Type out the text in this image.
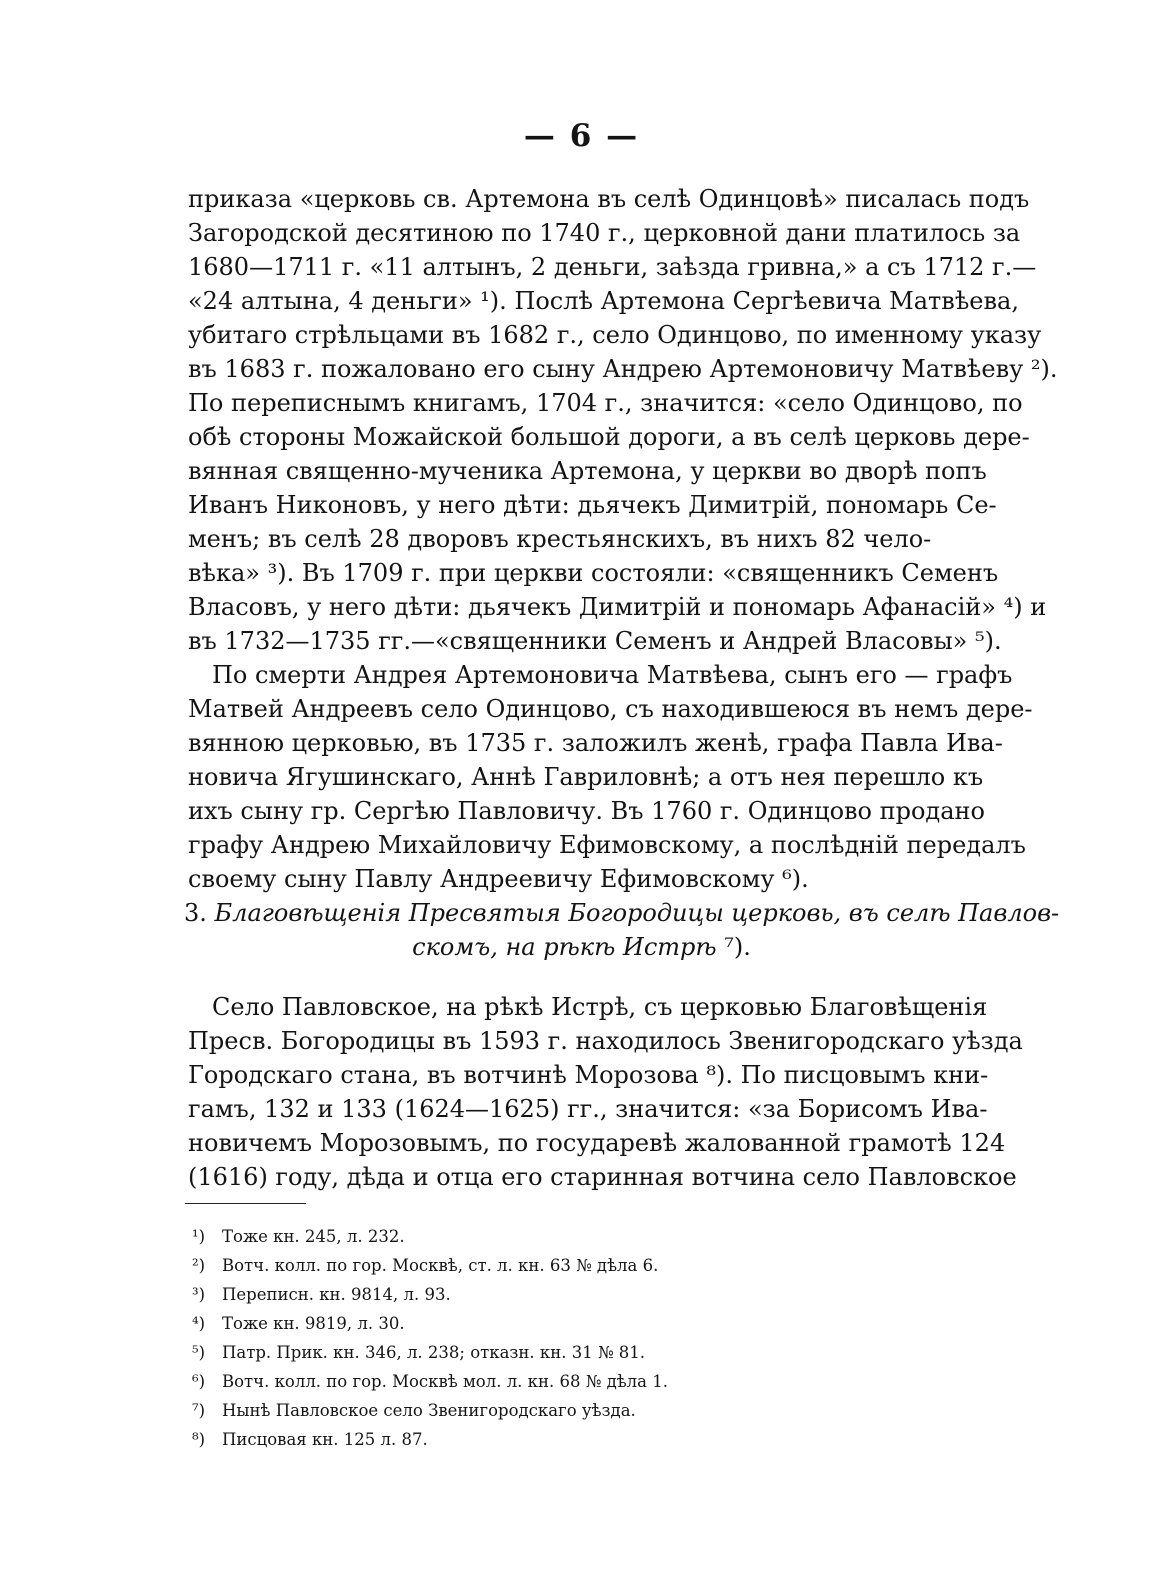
— 6 —
приказа «церковь св. Артемона въ селѣ Одинцовѣ» писалась подъ
Загородской десятиною по 1740 г., церковной дани платилось за
1680—1711 г. «11 алтынъ, 2 деньги, заѣзда гривна,» а съ 1712 г.—
«24 алтына, 4 деньги» ¹). Послѣ Артемона Сергѣевича Матвѣева,
убитаго стрѣльцами въ 1682 г., село Одинцово, по именному указу
въ 1683 г. пожаловано его сыну Андрею Артемоновичу Матвѣеву ²).
По переписнымъ книгамъ, 1704 г., значится: «село Одинцово, по
обѣ стороны Можайской большой дороги, а въ селѣ церковь дере-
вянная священно-мученика Артемона, у церкви во дворѣ попъ
Иванъ Никоновъ, у него дѣти: дьячекъ Димитрій, пономарь Се-
менъ; въ селѣ 28 дворовъ крестьянскихъ, въ нихъ 82 чело-
вѣка» ³). Въ 1709 г. при церкви состояли: «священникъ Семенъ
Власовъ, у него дѣти: дьячекъ Димитрій и пономарь Афанасій» ⁴) и
въ 1732—1735 гг.—«священники Семенъ и Андрей Власовы» ⁵).
По смерти Андрея Артемоновича Матвѣева, сынъ его — графъ
Матвей Андреевъ село Одинцово, съ находившеюся въ немъ дере-
вянною церковью, въ 1735 г. заложилъ женѣ, графа Павла Ива-
новича Ягушинскаго, Аннѣ Гавриловнѣ; а отъ нея перешло къ
ихъ сыну гр. Сергѣю Павловичу. Въ 1760 г. Одинцово продано
графу Андрею Михайловичу Ефимовскому, а послѣдній передалъ
своему сыну Павлу Андреевичу Ефимовскому ⁶).
3. Благовѣщенія Пресвятыя Богородицы церковь, въ селѣ Павлов-
скомъ, на рѣкѣ Истрѣ ⁷).
Село Павловское, на рѣкѣ Истрѣ, съ церковью Благовѣщенія
Пресв. Богородицы въ 1593 г. находилось Звенигородскаго уѣзда
Городскаго стана, въ вотчинѣ Морозова ⁸). По писцовымъ кни-
гамъ, 132 и 133 (1624—1625) гг., значится: «за Борисомъ Ива-
новичемъ Морозовымъ, по государевѣ жалованной грамотѣ 124
(1616) году, дѣда и отца его старинная вотчина село Павловское
¹) Тоже кн. 245, л. 232.
²) Вотч. колл. по гор. Москвѣ, ст. л. кн. 63 № дѣла 6.
³) Переписн. кн. 9814, л. 93.
⁴) Тоже кн. 9819, л. 30.
⁵) Патр. Прик. кн. 346, л. 238; отказн. кн. 31 № 81.
⁶) Вотч. колл. по гор. Москвѣ мол. л. кн. 68 № дѣла 1.
⁷) Нынѣ Павловское село Звенигородскаго уѣзда.
⁸) Писцовая кн. 125 л. 87.
